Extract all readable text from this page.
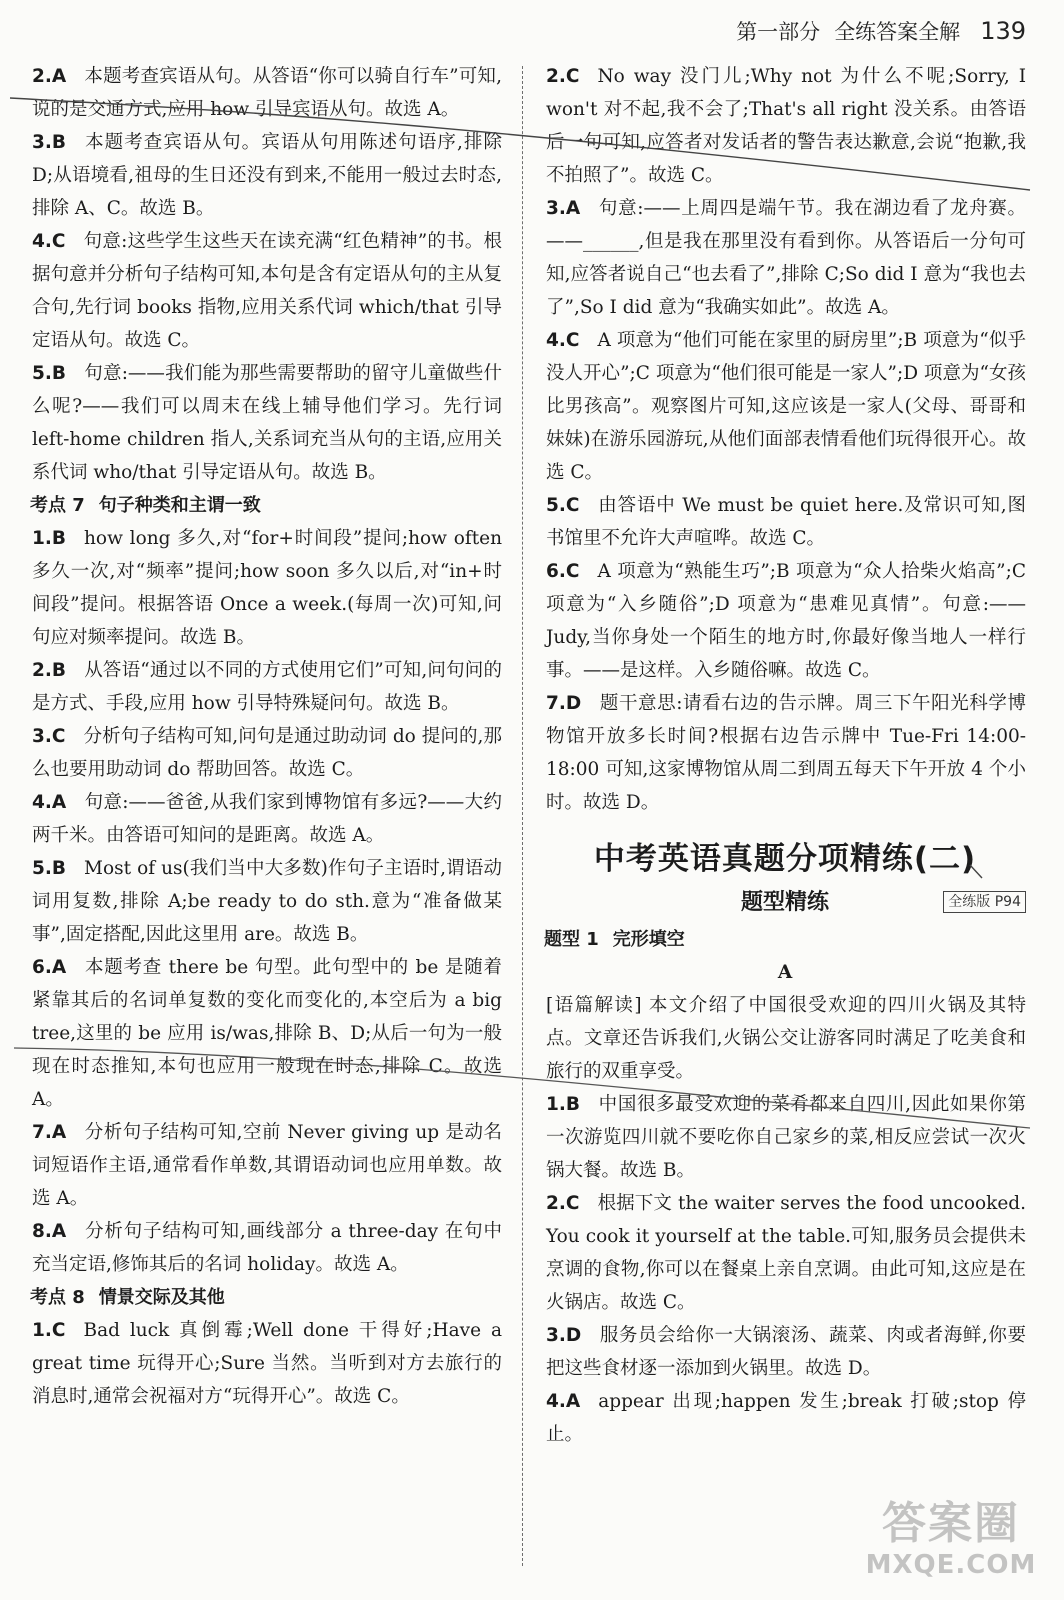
第一部分 全练答案全解 139

2.A 本题考查宾语从句。从答语“你可以骑自行车”可知,说的是交通方式,应用 how 引导宾语从句。故选 A。

3.B 本题考查宾语从句。宾语从句用陈述句语序,排除 D;从语境看,祖母的生日还没有到来,不能用一般过去时态,排除 A、C。故选 B。

4.C 句意:这些学生这些天在读充满“红色精神”的书。根据句意并分析句子结构可知,本句是含有定语从句的主从复合句,先行词 books 指物,应用关系代词 which/that 引导定语从句。故选 C。

5.B 句意:——我们能为那些需要帮助的留守儿童做些什么呢?——我们可以周末在线上辅导他们学习。先行词 left-home children 指人,关系词充当从句的主语,应用关系代词 who/that 引导定语从句。故选 B。

考点 7 句子种类和主谓一致

1.B how long 多久,对“for+时间段”提问;how often 多久一次,对“频率”提问;how soon 多久以后,对“in+时间段”提问。根据答语 Once a week.(每周一次)可知,问句应对频率提问。故选 B。

2.B 从答语“通过以不同的方式使用它们”可知,问句问的是方式、手段,应用 how 引导特殊疑问句。故选 B。

3.C 分析句子结构可知,问句是通过助动词 do 提问的,那么也要用助动词 do 帮助回答。故选 C。

4.A 句意:——爸爸,从我们家到博物馆有多远?——大约两千米。由答语可知问的是距离。故选 A。

5.B Most of us(我们当中大多数)作句子主语时,谓语动词用复数,排除 A;be ready to do sth.意为“准备做某事”,固定搭配,因此这里用 are。故选 B。

6.A 本题考查 there be 句型。此句型中的 be 是随着紧靠其后的名词单复数的变化而变化的,本空后为 a big tree,这里的 be 应用 is/was,排除 B、D;从后一句为一般现在时态推知,本句也应用一般现在时态,排除 C。故选 A。

7.A 分析句子结构可知,空前 Never giving up 是动名词短语作主语,通常看作单数,其谓语动词也应用单数。故选 A。

8.A 分析句子结构可知,画线部分 a three-day 在句中充当定语,修饰其后的名词 holiday。故选 A。

考点 8 情景交际及其他

1.C Bad luck 真倒霉;Well done 干得好;Have a great time 玩得开心;Sure 当然。当听到对方去旅行的消息时,通常会祝福对方“玩得开心”。故选 C。

2.C No way 没门儿;Why not 为什么不呢;Sorry, I won't 对不起,我不会了;That's all right 没关系。由答语后一句可知,应答者对发话者的警告表达歉意,会说“抱歉,我不拍照了”。故选 C。

3.A 句意:——上周四是端午节。我在湖边看了龙舟赛。——______,但是我在那里没有看到你。从答语后一分句可知,应答者说自己“也去看了”,排除 C;So did I 意为“我也去了”,So I did 意为“我确实如此”。故选 A。

4.C A 项意为“他们可能在家里的厨房里”;B 项意为“似乎没人开心”;C 项意为“他们很可能是一家人”;D 项意为“女孩比男孩高”。观察图片可知,这应该是一家人(父母、哥哥和妹妹)在游乐园游玩,从他们面部表情看他们玩得很开心。故选 C。

5.C 由答语中 We must be quiet here.及常识可知,图书馆里不允许大声喧哗。故选 C。

6.C A 项意为“熟能生巧”;B 项意为“众人拾柴火焰高”;C 项意为“入乡随俗”;D 项意为“患难见真情”。句意:——Judy,当你身处一个陌生的地方时,你最好像当地人一样行事。——是这样。入乡随俗嘛。故选 C。

7.D 题干意思:请看右边的告示牌。周三下午阳光科学博物馆开放多长时间?根据右边告示牌中 Tue-Fri 14:00-18:00 可知,这家博物馆从周二到周五每天下午开放 4 个小时。故选 D。

中考英语真题分项精练(二)
题型精练	全练版 P94

题型 1 完形填空

A

[语篇解读] 本文介绍了中国很受欢迎的四川火锅及其特点。文章还告诉我们,火锅公交让游客同时满足了吃美食和旅行的双重享受。

1.B 中国很多最受欢迎的菜肴都来自四川,因此如果你第一次游览四川就不要吃你自己家乡的菜,相反应尝试一次火锅大餐。故选 B。

2.C 根据下文 the waiter serves the food uncooked. You cook it yourself at the table.可知,服务员会提供未烹调的食物,你可以在餐桌上亲自烹调。由此可知,这应是在火锅店。故选 C。

3.D 服务员会给你一大锅滚汤、蔬菜、肉或者海鲜,你要把这些食材逐一添加到火锅里。故选 D。

4.A appear 出现;happen 发生;break 打破;stop 停止。

答案圈
MXQE.COM
